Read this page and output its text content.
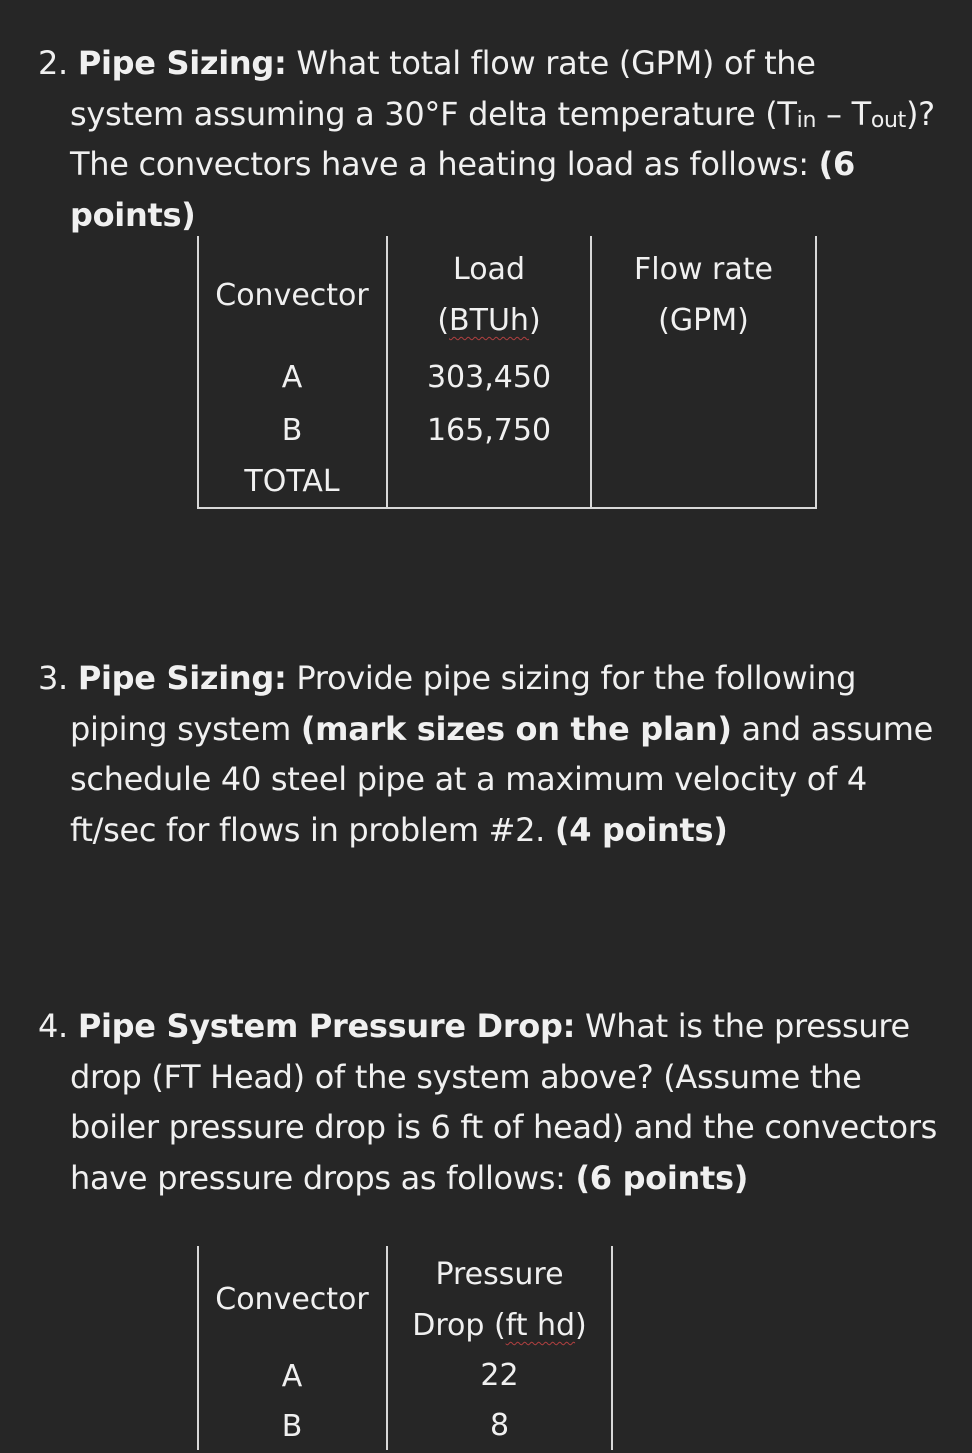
2. Pipe Sizing: What total flow rate (GPM) of the system assuming a 30°F delta temperature $(T_{in} - T_{out})$? The convectors have a heating load as follows: (6 points)

Convector
A
B
TOTAL
Load
(BTUh)
303,450
165,750
Flow rate
(GPM)

3. Pipe Sizing: Provide pipe sizing for the following piping system (mark sizes on the plan) and assume schedule 40 steel pipe at a maximum velocity of 4 ft/sec for flows in problem #2. (4 points)

4. Pipe System Pressure Drop: What is the pressure drop (FT Head) of the system above? (Assume the boiler pressure drop is 6 ft of head) and the convectors have pressure drops as follows: (6 points)

Convector
A
B
Pressure
Drop (ft hd)
22
8
